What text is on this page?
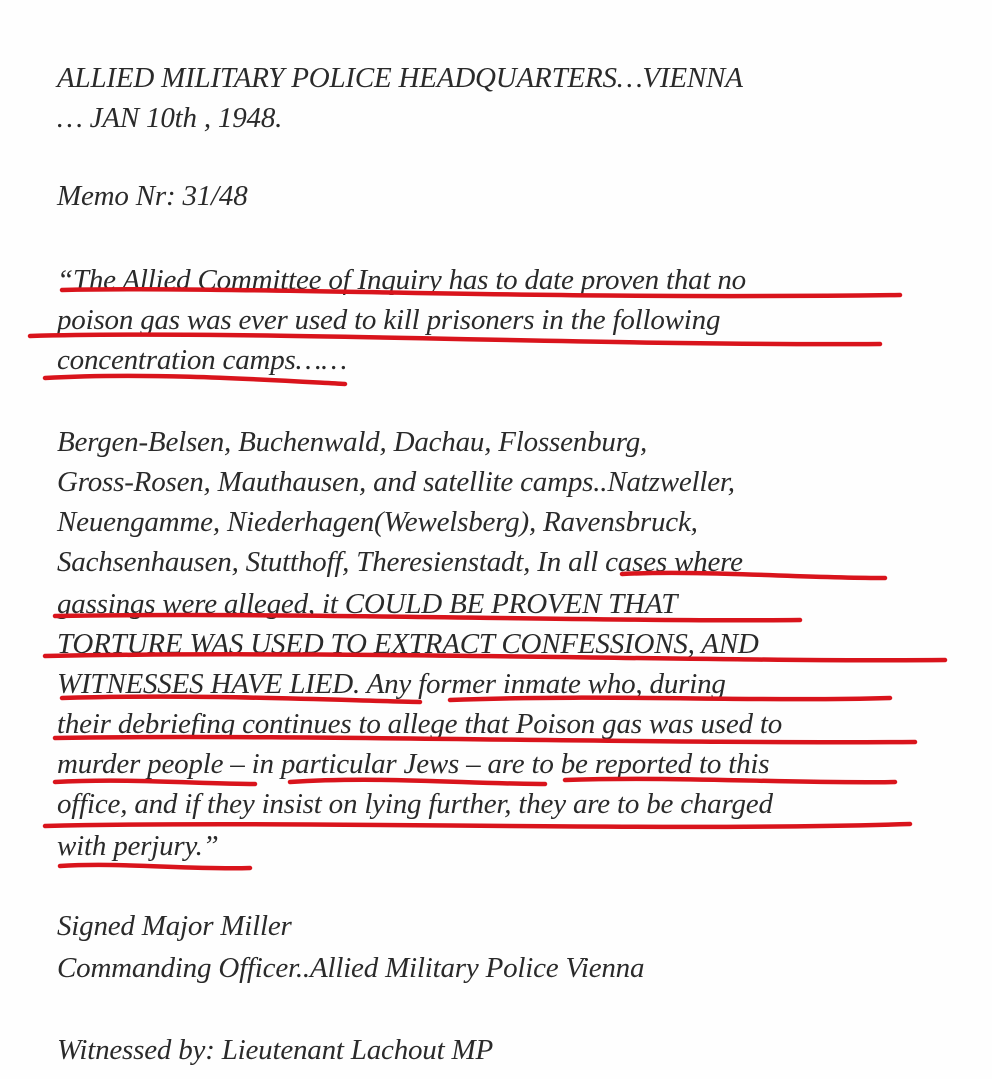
ALLIED MILITARY POLICE HEADQUARTERS…VIENNA
… JAN 10th , 1948.
Memo Nr: 31/48
“The Allied Committee of Inquiry has to date proven that no
poison gas was ever used to kill prisoners in the following
concentration camps……
Bergen-Belsen, Buchenwald, Dachau, Flossenburg,
Gross-Rosen, Mauthausen, and satellite camps..Natzweller,
Neuengamme, Niederhagen(Wewelsberg), Ravensbruck,
Sachsenhausen, Stutthoff, Theresienstadt, In all cases where
gassings were alleged, it COULD BE PROVEN THAT
TORTURE WAS USED TO EXTRACT CONFESSIONS, AND
WITNESSES HAVE LIED. Any former inmate who, during
their debriefing continues to allege that Poison gas was used to
murder people – in particular Jews – are to be reported to this
office, and if they insist on lying further, they are to be charged
with perjury.”
Signed Major Miller
Commanding Officer..Allied Military Police Vienna
Witnessed by: Lieutenant Lachout MP
